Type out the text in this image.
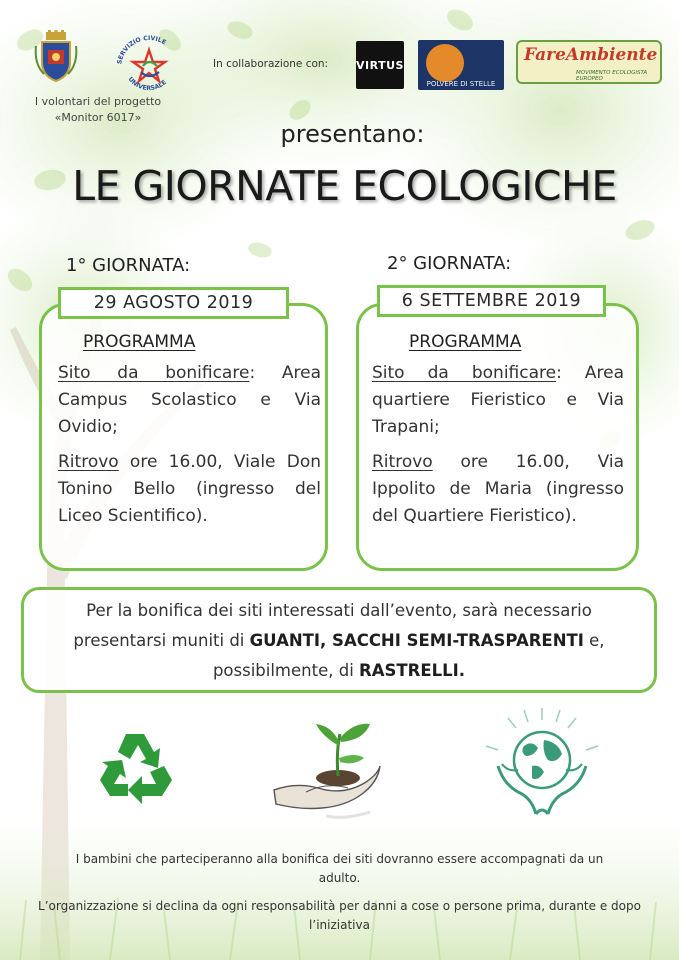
SERVIZIO CIVILE
UNIVERSALE
I volontari del progetto
«Monitor 6017»
In collaborazione con:	VIRTUS
POLVERE DI STELLE
FareAmbiente
MOVIMENTO ECOLOGISTA EUROPEO
presentano:
LE GIORNATE ECOLOGICHE
1° GIORNATA:
29 AGOSTO 2019
PROGRAMMA

Sito da bonificare: Area Campus Scolastico e Via Ovidio;

Ritrovo ore 16.00, Viale Don Tonino Bello (ingresso del Liceo Scientifico).

2° GIORNATA:
6 SETTEMBRE 2019
PROGRAMMA

Sito da bonificare: Area quartiere Fieristico e Via Trapani;

Ritrovo ore 16.00, Via Ippolito de Maria (ingresso del Quartiere Fieristico).

Per la bonifica dei siti interessati dall’evento, sarà necessario presentarsi muniti di GUANTI, SACCHI SEMI-TRASPARENTI e, possibilmente, di RASTRELLI.
I bambini che parteciperanno alla bonifica dei siti dovranno essere accompagnati da un adulto.
L’organizzazione si declina da ogni responsabilità per danni a cose o persone prima, durante e dopo l’iniziativa
